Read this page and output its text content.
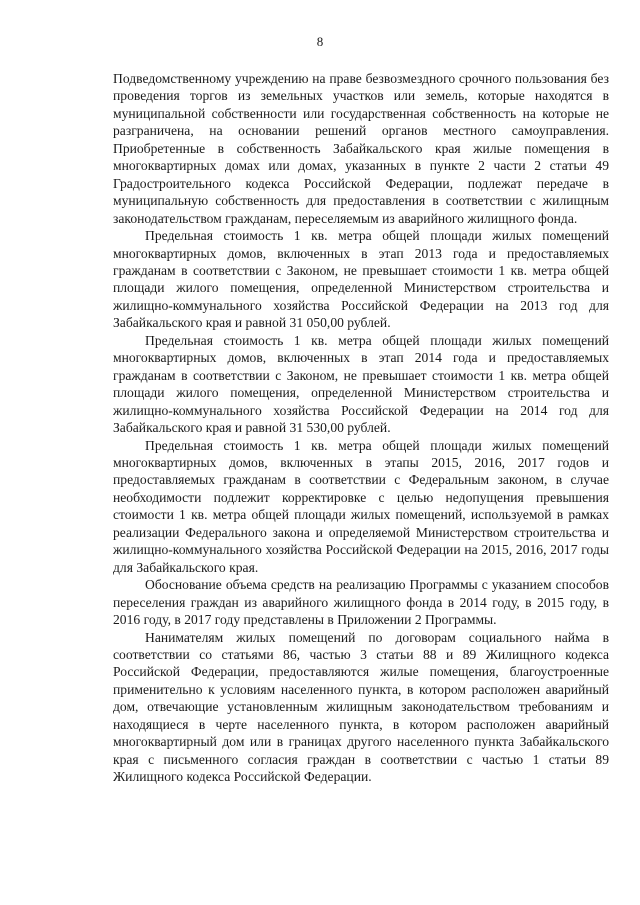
8

Подведомственному учреждению на праве безвозмездного срочного пользования без проведения торгов из земельных участков или земель, которые находятся в муниципальной собственности или государственная собственность на которые не разграничена, на основании решений органов местного самоуправления. Приобретенные в собственность Забайкальского края жилые помещения в многоквартирных домах или домах, указанных в пункте 2 части 2 статьи 49 Градостроительного кодекса Российской Федерации, подлежат передаче в муниципальную собственность для предоставления в соответствии с жилищным законодательством гражданам, переселяемым из аварийного жилищного фонда.

Предельная стоимость 1 кв. метра общей площади жилых помещений многоквартирных домов, включенных в этап 2013 года и предоставляемых гражданам в соответствии с Законом, не превышает стоимости 1 кв. метра общей площади жилого помещения, определенной Министерством строительства и жилищно-коммунального хозяйства Российской Федерации на 2013 год для Забайкальского края и равной 31 050,00 рублей.

Предельная стоимость 1 кв. метра общей площади жилых помещений многоквартирных домов, включенных в этап 2014 года и предоставляемых гражданам в соответствии с Законом, не превышает стоимости 1 кв. метра общей площади жилого помещения, определенной Министерством строительства и жилищно-коммунального хозяйства Российской Федерации на 2014 год для Забайкальского края и равной 31 530,00 рублей.

Предельная стоимость 1 кв. метра общей площади жилых помещений многоквартирных домов, включенных в этапы 2015, 2016, 2017 годов и предоставляемых гражданам в соответствии с Федеральным законом, в случае необходимости подлежит корректировке с целью недопущения превышения стоимости 1 кв. метра общей площади жилых помещений, используемой в рамках реализации Федерального закона и определяемой Министерством строительства и жилищно-коммунального хозяйства Российской Федерации на 2015, 2016, 2017 годы для Забайкальского края.

Обоснование объема средств на реализацию Программы с указанием способов переселения граждан из аварийного жилищного фонда в 2014 году, в 2015 году, в 2016 году, в 2017 году представлены в Приложении 2 Программы.

Нанимателям жилых помещений по договорам социального найма в соответствии со статьями 86, частью 3 статьи 88 и 89 Жилищного кодекса Российской Федерации, предоставляются жилые помещения, благоустроенные применительно к условиям населенного пункта, в котором расположен аварийный дом, отвечающие установленным жилищным законодательством требованиям и находящиеся в черте населенного пункта, в котором расположен аварийный многоквартирный дом или в границах другого населенного пункта Забайкальского края с письменного согласия граждан в соответствии с частью 1 статьи 89 Жилищного кодекса Российской Федерации.
